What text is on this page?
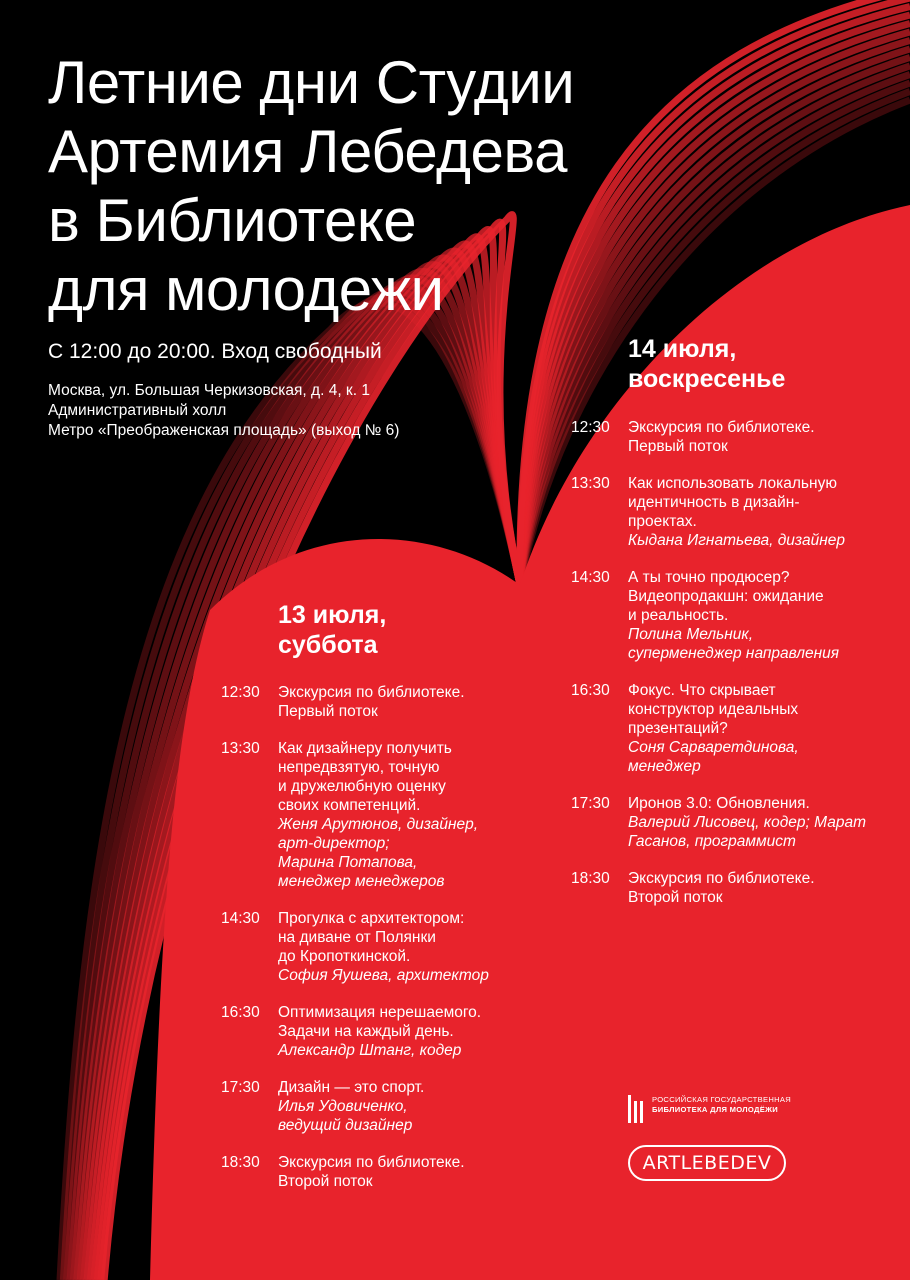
Летние дни Студии
Артемия Лебедева
в Библиотеке
для молодежи
С 12:00 до 20:00. Вход свободный
Москва, ул. Большая Черкизовская, д. 4, к. 1
Административный холл
Метро «Преображенская площадь» (выход № 6)
14 июля,
воскресенье
12:30 Экскурсия по библиотеке.
Первый поток
13:30 Как использовать локальную
идентичность в дизайн-
проектах.
Кыдана Игнатьева, дизайнер
14:30 А ты точно продюсер?
Видеопродакшн: ожидание
и реальность.
Полина Мельник,
суперменеджер направления
16:30 Фокус. Что скрывает
конструктор идеальных
презентаций?
Соня Сарваретдинова,
менеджер
17:30 Иронов 3.0: Обновления.
Валерий Лисовец, кодер; Марат
Гасанов, программист
18:30 Экскурсия по библиотеке.
Второй поток
13 июля,
суббота
12:30 Экскурсия по библиотеке.
Первый поток
13:30 Как дизайнеру получить
непредвзятую, точную
и дружелюбную оценку
своих компетенций.
Женя Арутюнов, дизайнер,
арт-директор;
Марина Потапова,
менеджер менеджеров
14:30 Прогулка с архитектором:
на диване от Полянки
до Кропоткинской.
София Яушева, архитектор
16:30 Оптимизация нерешаемого.
Задачи на каждый день.
Александр Штанг, кодер
17:30 Дизайн — это спорт.
Илья Удовиченко,
ведущий дизайнер
18:30 Экскурсия по библиотеке.
Второй поток
РОССИЙСКАЯ ГОСУДАРСТВЕННАЯ
БИБЛИОТЕКА ДЛЯ МОЛОДЁЖИ
ARTLEBEDEV
